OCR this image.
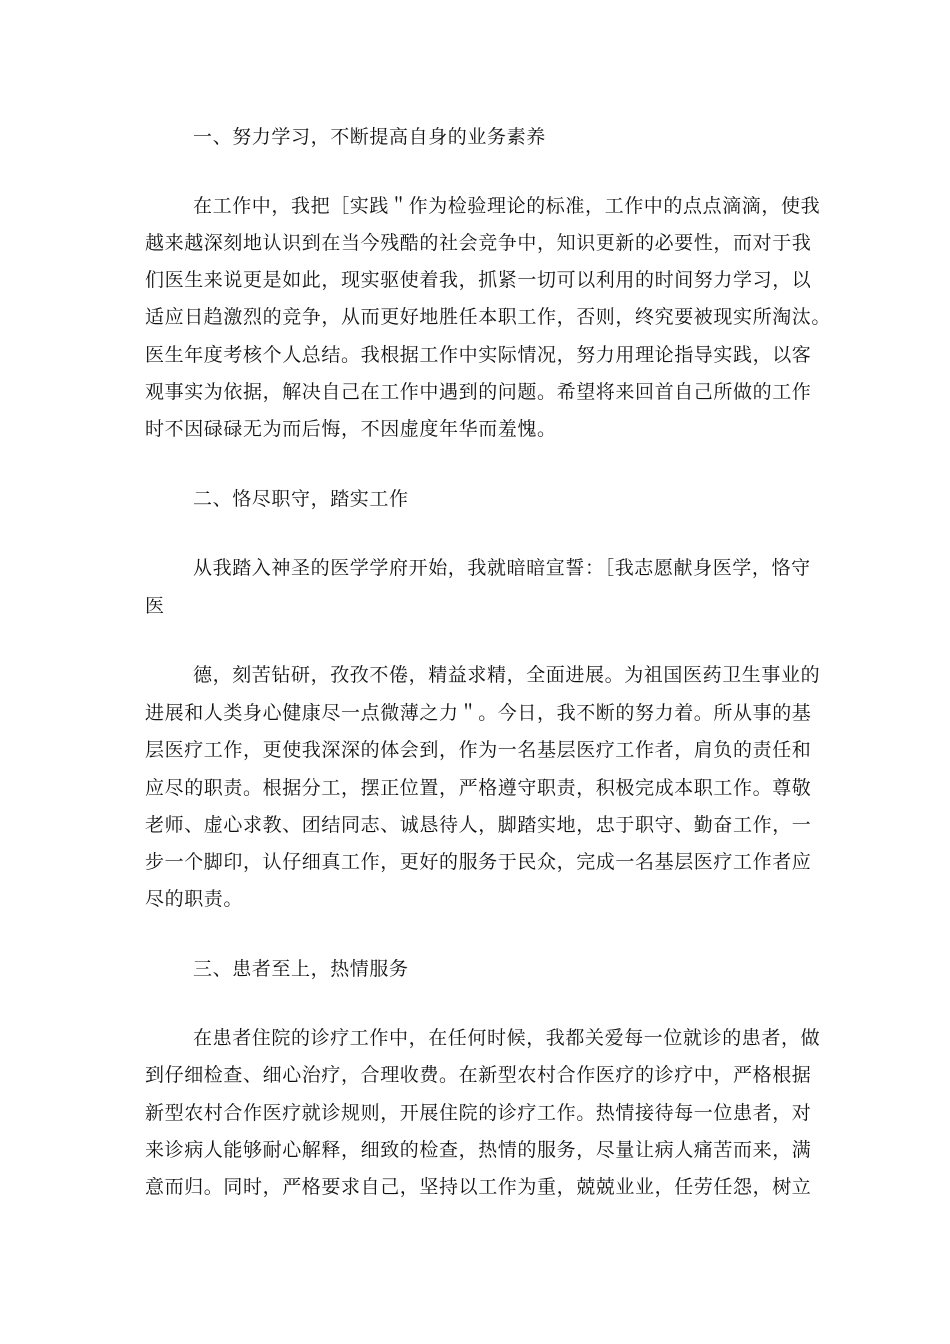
一、努力学习，不断提高自身的业务素养
在工作中，我把［实践＂作为检验理论的标准，工作中的点点滴滴，使我
越来越深刻地认识到在当今残酷的社会竞争中，知识更新的必要性，而对于我
们医生来说更是如此，现实驱使着我，抓紧一切可以利用的时间努力学习，以
适应日趋激烈的竞争，从而更好地胜任本职工作，否则，终究要被现实所淘汰。
医生年度考核个人总结。我根据工作中实际情况，努力用理论指导实践，以客
观事实为依据，解决自己在工作中遇到的问题。希望将来回首自己所做的工作
时不因碌碌无为而后悔，不因虚度年华而羞愧。
二、恪尽职守，踏实工作
从我踏入神圣的医学学府开始，我就暗暗宣誓：［我志愿献身医学，恪守
医
德，刻苦钻研，孜孜不倦，精益求精，全面进展。为祖国医药卫生事业的
进展和人类身心健康尽一点微薄之力＂。今日，我不断的努力着。所从事的基
层医疗工作，更使我深深的体会到，作为一名基层医疗工作者，肩负的责任和
应尽的职责。根据分工，摆正位置，严格遵守职责，积极完成本职工作。尊敬
老师、虚心求教、团结同志、诚恳待人，脚踏实地，忠于职守、勤奋工作，一
步一个脚印，认仔细真工作，更好的服务于民众，完成一名基层医疗工作者应
尽的职责。
三、患者至上，热情服务
在患者住院的诊疗工作中，在任何时候，我都关爱每一位就诊的患者，做
到仔细检查、细心治疗，合理收费。在新型农村合作医疗的诊疗中，严格根据
新型农村合作医疗就诊规则，开展住院的诊疗工作。热情接待每一位患者，对
来诊病人能够耐心解释，细致的检查，热情的服务，尽量让病人痛苦而来，满
意而归。同时，严格要求自己，坚持以工作为重，兢兢业业，任劳任怨，树立
